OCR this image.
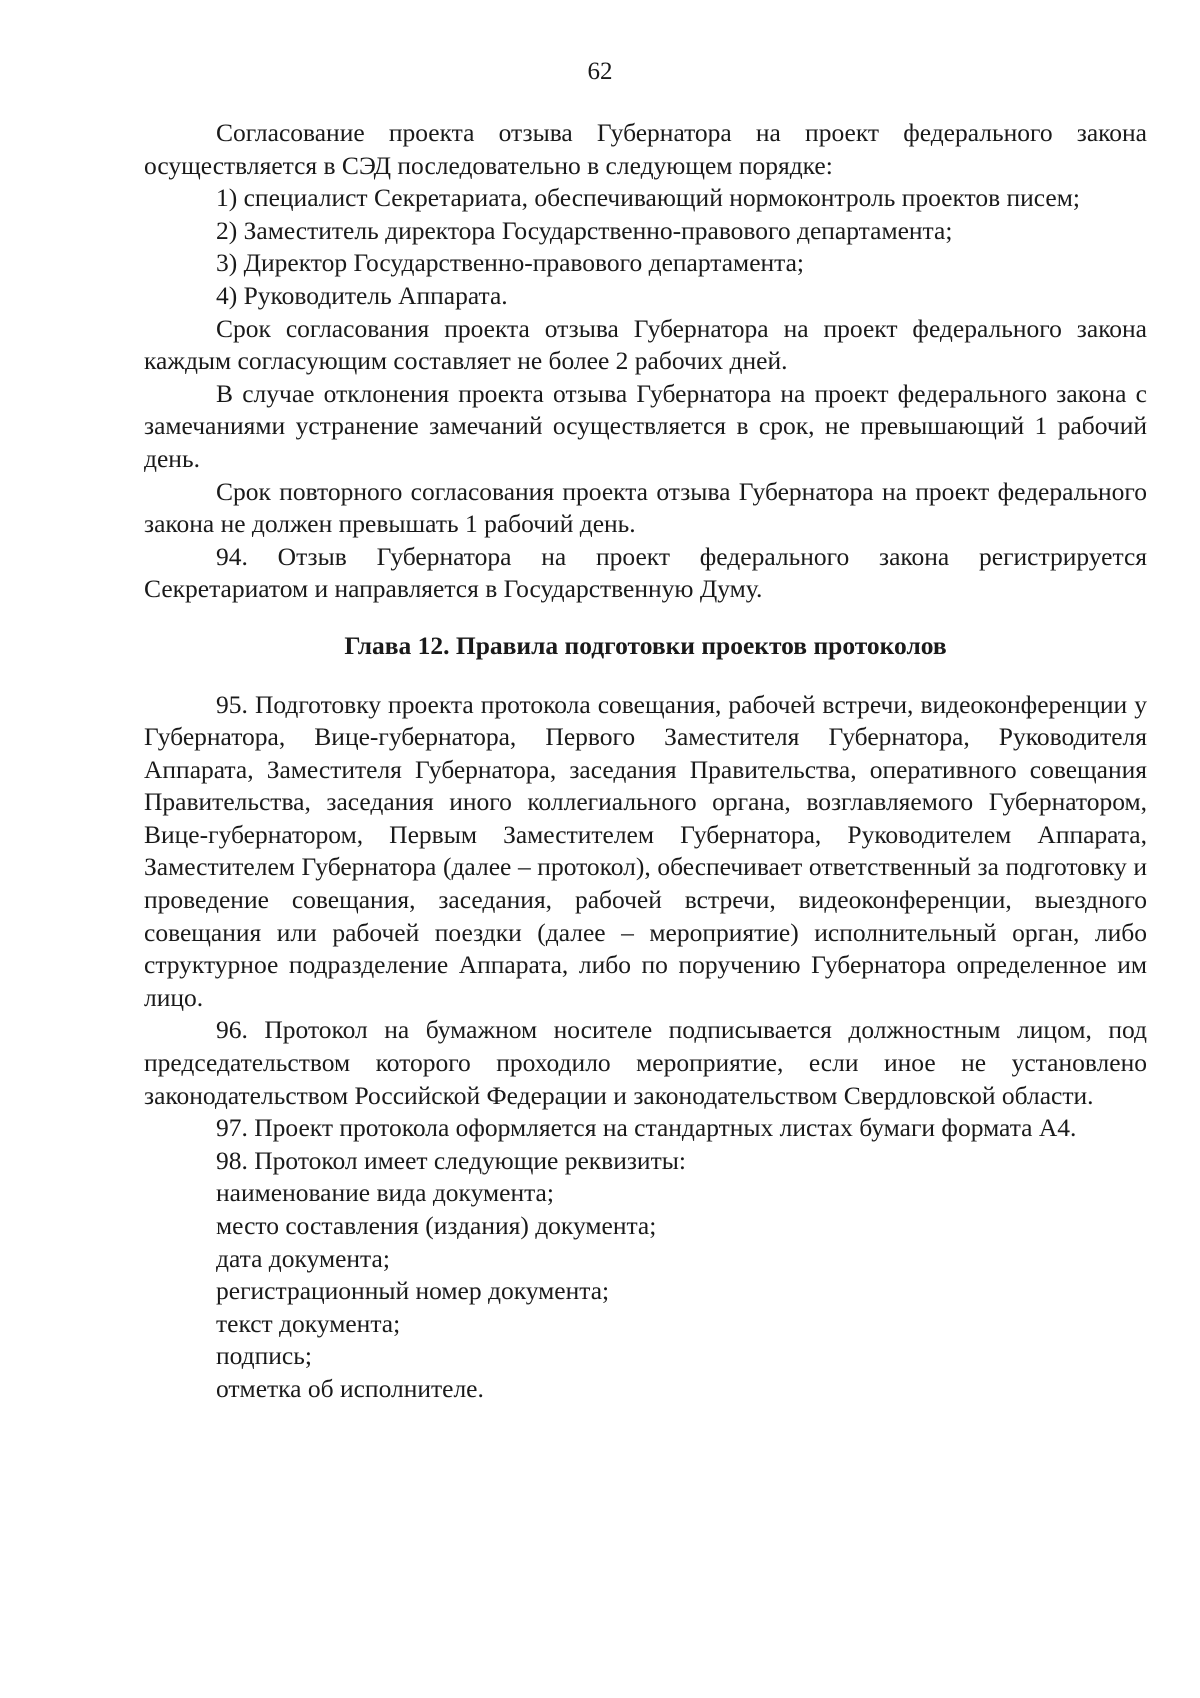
62

Согласование проекта отзыва Губернатора на проект федерального закона осуществляется в СЭД последовательно в следующем порядке:

1) специалист Секретариата, обеспечивающий нормоконтроль проектов писем;

2) Заместитель директора Государственно-правового департамента;

3) Директор Государственно-правового департамента;

4) Руководитель Аппарата.

Срок согласования проекта отзыва Губернатора на проект федерального закона каждым согласующим составляет не более 2 рабочих дней.

В случае отклонения проекта отзыва Губернатора на проект федерального закона с замечаниями устранение замечаний осуществляется в срок, не превышающий 1 рабочий день.

Срок повторного согласования проекта отзыва Губернатора на проект федерального закона не должен превышать 1 рабочий день.

94. Отзыв Губернатора на проект федерального закона регистрируется Секретариатом и направляется в Государственную Думу.

Глава 12. Правила подготовки проектов протоколов

95. Подготовку проекта протокола совещания, рабочей встречи, видеоконференции у Губернатора, Вице-губернатора, Первого Заместителя Губернатора, Руководителя Аппарата, Заместителя Губернатора, заседания Правительства, оперативного совещания Правительства, заседания иного коллегиального органа, возглавляемого Губернатором, Вице-губернатором, Первым Заместителем Губернатора, Руководителем Аппарата, Заместителем Губернатора (далее – протокол), обеспечивает ответственный за подготовку и проведение совещания, заседания, рабочей встречи, видеоконференции, выездного совещания или рабочей поездки (далее – мероприятие) исполнительный орган, либо структурное подразделение Аппарата, либо по поручению Губернатора определенное им лицо.

96. Протокол на бумажном носителе подписывается должностным лицом, под председательством которого проходило мероприятие, если иное не установлено законодательством Российской Федерации и законодательством Свердловской области.

97. Проект протокола оформляется на стандартных листах бумаги формата А4.

98. Протокол имеет следующие реквизиты:

наименование вида документа;

место составления (издания) документа;

дата документа;

регистрационный номер документа;

текст документа;

подпись;

отметка об исполнителе.
